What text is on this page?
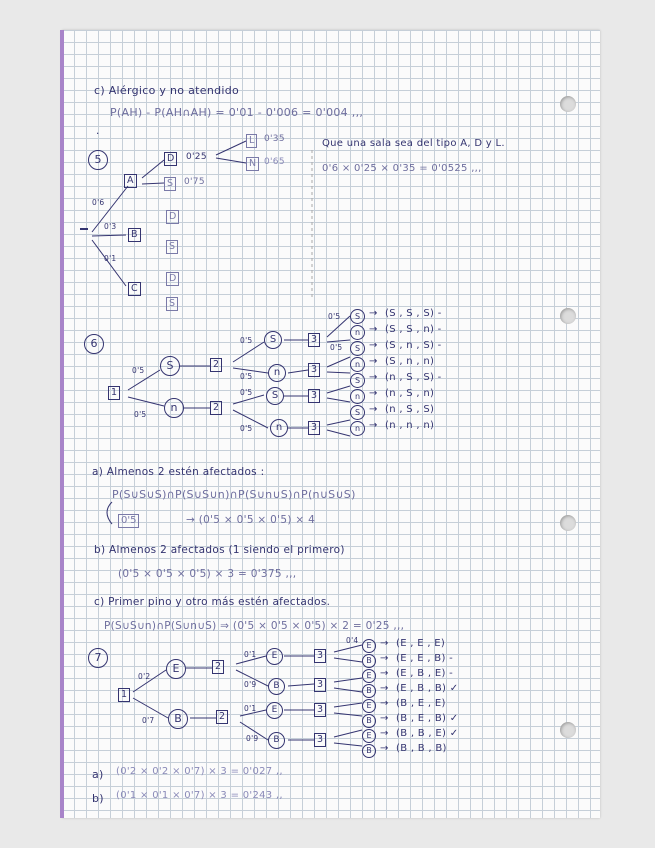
c) Alérgico y no atendido
P(AH) - P(AH∩AH) = 0'01 - 0'006 = 0'004 ,,,
·
5
A
0'6
0'3
0'1
B
C
D	0'25
S	0'75
L	0'35
N 0'65
D
S
D
S
Que una sala sea del tipo A, D y L.
0'6 × 0'25 × 0'35 = 0'0525 ,,,
6
1
0'5
0'5
S
n
2
2
0'5
0'5
0'5
0'5
S
n
S
n
3
3
3
3
0'5
0'5
S → (S , S , S) -
n → (S , S , n) -
S → (S , n , S) -
n → (S , n , n)
S → (n , S , S) -
n → (n , S , n)
S → (n , S , S)
n → (n , n , n)
a) Almenos 2 estén afectados :
P(S∪S∪S)∩P(S∪S∪n)∩P(S∪n∪S)∩P(n∪S∪S)
0'5	→ (0'5 × 0'5 × 0'5) × 4
b) Almenos 2 afectados (1 siendo el primero)
(0'5 × 0'5 × 0'5) × 3 = 0'375 ,,,
c) Primer pino y otro más estén afectados.
P(S∪S∪n)∩P(S∪n∪S) ⇒ (0'5 × 0'5 × 0'5) × 2 = 0'25 ,,,
7
1
0'2
0'7
E
B
2
2
0'1
0'9
0'1
0'9
E
B
E
B
3
3
3
3
0'4
E → (E , E , E)
B → (E , E , B) -
E → (E , B , E) -
B → (E , B , B) ✓
E → (B , E , E)
B → (B , E , B) ✓
E → (B , B , E) ✓
B → (B , B , B)
a) (0'2 × 0'2 × 0'7) × 3 = 0'027 ,,
b) (0'1 × 0'1 × 0'7) × 3 = 0'243 ,,
